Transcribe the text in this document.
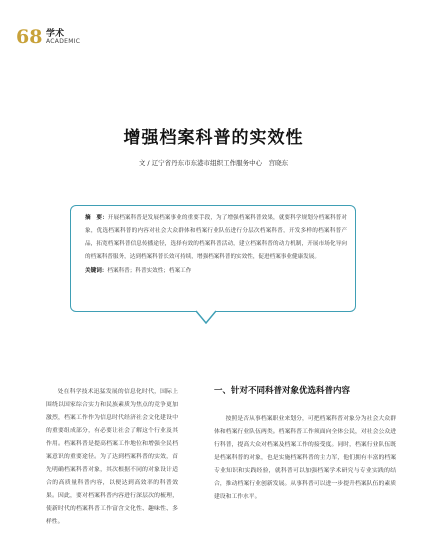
68 学术
ACADEMIC
增强档案科普的实效性
文 / 辽宁省丹东市东港市组织工作服务中心　宫晓东

摘　要：开展档案科普是发展档案事业的重要手段，为了增强档案科普效果，就要科学规划分档案科普对象，优选档案科普的内容对社会大众群体和档案行业队伍进行分层次档案科普，开发多样的档案科普产品，拓宽档案科普信息传播途径，选择有效的档案科普活动，建立档案科普的动力机制，开展市场化导向的档案科普服务，达到档案科普长效可持续，增强档案科普的实效性，促进档案事业健康发展。

关键词：档案科普；科普实效性；档案工作

处在科学技术迅猛发展的信息化时代，国际上围绕以国家综合实力和民族素质为焦点的竞争更加激烈，档案工作作为信息时代经济社会文化建设中的重要组成部分，有必要让社会了解这个行业及其作用。档案科普是提高档案工作地位和增强全民档案意识的重要途径。为了达到档案科普的实效，首先明确档案科普对象，其次根据不同的对象设计适合的高质量科普内容，以便达到高效率的科普效果。因此，要对档案科普内容进行深层次的梳理，使新时代的档案科普工作富含文化性、趣味性、多样性。

一、针对不同科普对象优选科普内容

按照是否从事档案职业来划分，可把档案科普对象分为社会大众群体和档案行业队伍两类。档案科普工作须面向全体公民，对社会公众进行科普，提高大众对档案及档案工作的接受度。同时，档案行业队伍既是档案科普的对象，也是实施档案科普的主力军，他们拥有丰富的档案专业知识和实践经验，就科普可以加强档案学术研究与专业实践的结合，推动档案行业创新发展。从事科普可以进一步提升档案队伍的素质建设和工作水平。
